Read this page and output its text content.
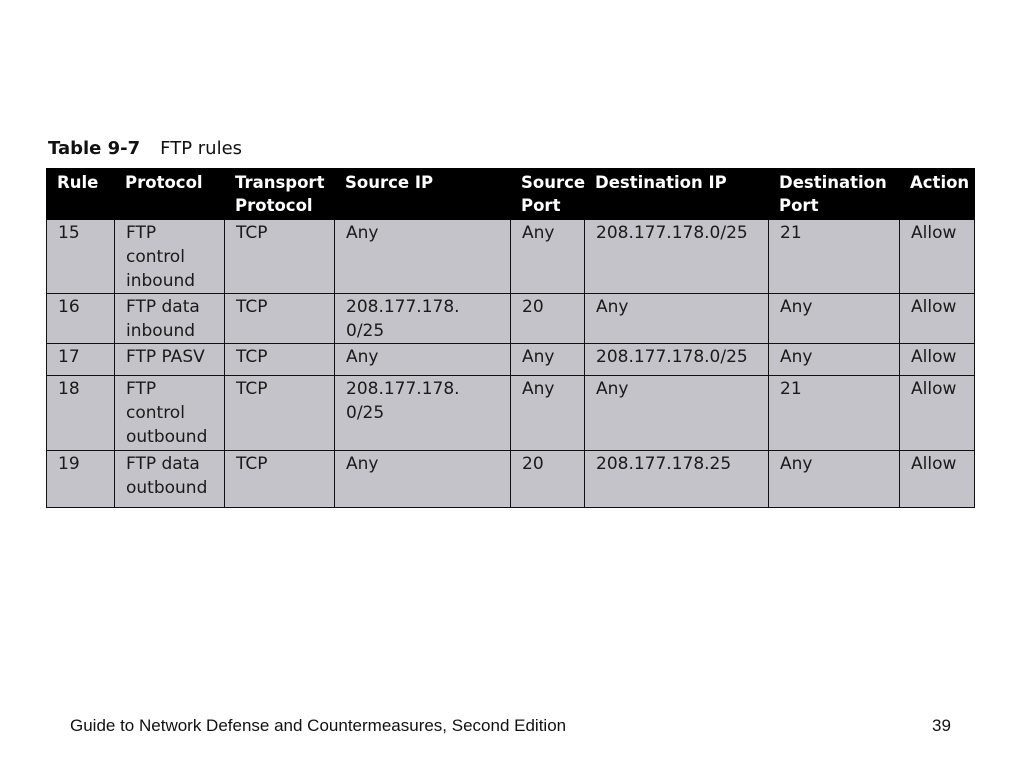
Table 9-7 FTP rules
Rule	Protocol	Transport Protocol	Source IP	Source Port	Destination IP	Destination Port	Action
15	FTP control inbound	TCP	Any	Any	208.177.178.0/25	21	Allow
16	FTP data inbound	TCP	208.177.178. 0/25	20	Any	Any	Allow
17	FTP PASV	TCP	Any	Any	208.177.178.0/25	Any	Allow
18	FTP control outbound	TCP	208.177.178. 0/25	Any	Any	21	Allow
19	FTP data outbound	TCP	Any	20	208.177.178.25	Any	Allow
Guide to Network Defense and Countermeasures, Second Edition	39
